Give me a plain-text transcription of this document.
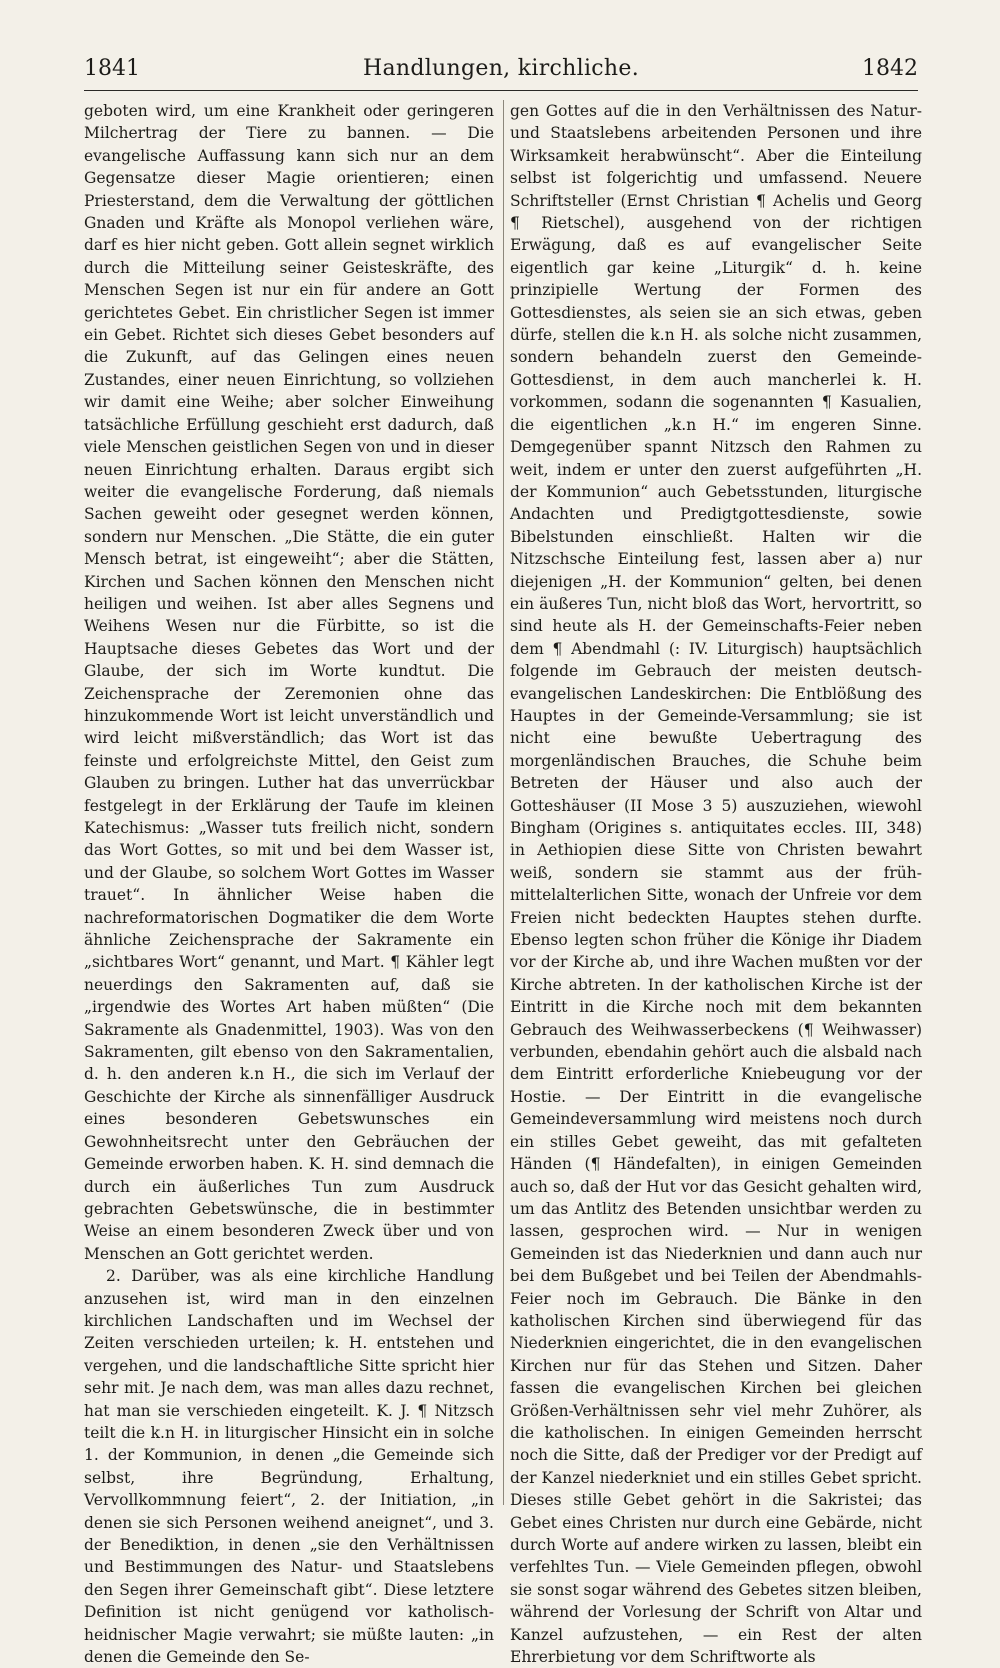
1841	Handlungen, kirchliche.	1842

geboten wird, um eine Krankheit oder geringeren Milchertrag der Tiere zu bannen. — Die evangelische Auffassung kann sich nur an dem Gegensatze dieser Magie orientieren; einen Priesterstand, dem die Verwaltung der göttlichen Gnaden und Kräfte als Monopol verliehen wäre, darf es hier nicht geben. Gott allein segnet wirklich durch die Mitteilung seiner Geisteskräfte, des Menschen Segen ist nur ein für andere an Gott gerichtetes Gebet. Ein christlicher Segen ist immer ein Gebet. Richtet sich dieses Gebet besonders auf die Zukunft, auf das Gelingen eines neuen Zustandes, einer neuen Einrichtung, so vollziehen wir damit eine Weihe; aber solcher Einweihung tatsächliche Erfüllung geschieht erst dadurch, daß viele Menschen geistlichen Segen von und in dieser neuen Einrichtung erhalten. Daraus ergibt sich weiter die evangelische Forderung, daß niemals Sachen geweiht oder gesegnet werden können, sondern nur Menschen. „Die Stätte, die ein guter Mensch betrat, ist eingeweiht“; aber die Stätten, Kirchen und Sachen können den Menschen nicht heiligen und weihen. Ist aber alles Segnens und Weihens Wesen nur die Fürbitte, so ist die Hauptsache dieses Gebetes das Wort und der Glaube, der sich im Worte kundtut. Die Zeichensprache der Zeremonien ohne das hinzukommende Wort ist leicht unverständlich und wird leicht mißverständlich; das Wort ist das feinste und erfolgreichste Mittel, den Geist zum Glauben zu bringen. Luther hat das unverrückbar festgelegt in der Erklärung der Taufe im kleinen Katechismus: „Wasser tuts freilich nicht, sondern das Wort Gottes, so mit und bei dem Wasser ist, und der Glaube, so solchem Wort Gottes im Wasser trauet“. In ähnlicher Weise haben die nachreformatorischen Dogmatiker die dem Worte ähnliche Zeichensprache der Sakramente ein „sichtbares Wort“ genannt, und Mart. ¶ Kähler legt neuerdings den Sakramenten auf, daß sie „irgendwie des Wortes Art haben müßten“ (Die Sakramente als Gnadenmittel, 1903). Was von den Sakramenten, gilt ebenso von den Sakramentalien, d. h. den anderen k.n H., die sich im Verlauf der Geschichte der Kirche als sinnenfälliger Ausdruck eines besonderen Gebetswunsches ein Gewohnheitsrecht unter den Gebräuchen der Gemeinde erworben haben. K. H. sind demnach die durch ein äußerliches Tun zum Ausdruck gebrachten Gebetswünsche, die in bestimmter Weise an einem besonderen Zweck über und von Menschen an Gott gerichtet werden.

2. Darüber, was als eine kirchliche Handlung anzusehen ist, wird man in den einzelnen kirchlichen Landschaften und im Wechsel der Zeiten verschieden urteilen; k. H. entstehen und vergehen, und die landschaftliche Sitte spricht hier sehr mit. Je nach dem, was man alles dazu rechnet, hat man sie verschieden eingeteilt. K. J. ¶ Nitzsch teilt die k.n H. in liturgischer Hinsicht ein in solche 1. der Kommunion, in denen „die Gemeinde sich selbst, ihre Begründung, Erhaltung, Vervollkommnung feiert“, 2. der Initiation, „in denen sie sich Personen weihend aneignet“, und 3. der Benediktion, in denen „sie den Verhältnissen und Bestimmungen des Natur- und Staatslebens den Segen ihrer Gemeinschaft gibt“. Diese letztere Definition ist nicht genügend vor katholisch-heidnischer Magie verwahrt; sie müßte lauten: „in denen die Gemeinde den Se-

gen Gottes auf die in den Verhältnissen des Natur- und Staatslebens arbeitenden Personen und ihre Wirksamkeit herabwünscht“. Aber die Einteilung selbst ist folgerichtig und umfassend. Neuere Schriftsteller (Ernst Christian ¶ Achelis und Georg ¶ Rietschel), ausgehend von der richtigen Erwägung, daß es auf evangelischer Seite eigentlich gar keine „Liturgik“ d. h. keine prinzipielle Wertung der Formen des Gottesdienstes, als seien sie an sich etwas, geben dürfe, stellen die k.n H. als solche nicht zusammen, sondern behandeln zuerst den Gemeinde-Gottesdienst, in dem auch mancherlei k. H. vorkommen, sodann die sogenannten ¶ Kasualien, die eigentlichen „k.n H.“ im engeren Sinne. Demgegenüber spannt Nitzsch den Rahmen zu weit, indem er unter den zuerst aufgeführten „H. der Kommunion“ auch Gebetsstunden, liturgische Andachten und Predigtgottesdienste, sowie Bibelstunden einschließt. Halten wir die Nitzschsche Einteilung fest, lassen aber a) nur diejenigen „H. der Kommunion“ gelten, bei denen ein äußeres Tun, nicht bloß das Wort, hervortritt, so sind heute als H. der Gemeinschafts-Feier neben dem ¶ Abendmahl (: IV. Liturgisch) hauptsächlich folgende im Gebrauch der meisten deutsch-evangelischen Landeskirchen: Die Entblößung des Hauptes in der Gemeinde-Versammlung; sie ist nicht eine bewußte Uebertragung des morgenländischen Brauches, die Schuhe beim Betreten der Häuser und also auch der Gotteshäuser (II Mose 3 5) auszuziehen, wiewohl Bingham (Origines s. antiquitates eccles. III, 348) in Aethiopien diese Sitte von Christen bewahrt weiß, sondern sie stammt aus der früh-mittelalterlichen Sitte, wonach der Unfreie vor dem Freien nicht bedeckten Hauptes stehen durfte. Ebenso legten schon früher die Könige ihr Diadem vor der Kirche ab, und ihre Wachen mußten vor der Kirche abtreten. In der katholischen Kirche ist der Eintritt in die Kirche noch mit dem bekannten Gebrauch des Weihwasserbeckens (¶ Weihwasser) verbunden, ebendahin gehört auch die alsbald nach dem Eintritt erforderliche Kniebeugung vor der Hostie. — Der Eintritt in die evangelische Gemeindeversammlung wird meistens noch durch ein stilles Gebet geweiht, das mit gefalteten Händen (¶ Händefalten), in einigen Gemeinden auch so, daß der Hut vor das Gesicht gehalten wird, um das Antlitz des Betenden unsichtbar werden zu lassen, gesprochen wird. — Nur in wenigen Gemeinden ist das Niederknien und dann auch nur bei dem Bußgebet und bei Teilen der Abendmahls-Feier noch im Gebrauch. Die Bänke in den katholischen Kirchen sind überwiegend für das Niederknien eingerichtet, die in den evangelischen Kirchen nur für das Stehen und Sitzen. Daher fassen die evangelischen Kirchen bei gleichen Größen-Verhältnissen sehr viel mehr Zuhörer, als die katholischen. In einigen Gemeinden herrscht noch die Sitte, daß der Prediger vor der Predigt auf der Kanzel niederkniet und ein stilles Gebet spricht. Dieses stille Gebet gehört in die Sakristei; das Gebet eines Christen nur durch eine Gebärde, nicht durch Worte auf andere wirken zu lassen, bleibt ein verfehltes Tun. — Viele Gemeinden pflegen, obwohl sie sonst sogar während des Gebetes sitzen bleiben, während der Vorlesung der Schrift von Altar und Kanzel aufzustehen, — ein Rest der alten Ehrerbietung vor dem Schriftworte als
